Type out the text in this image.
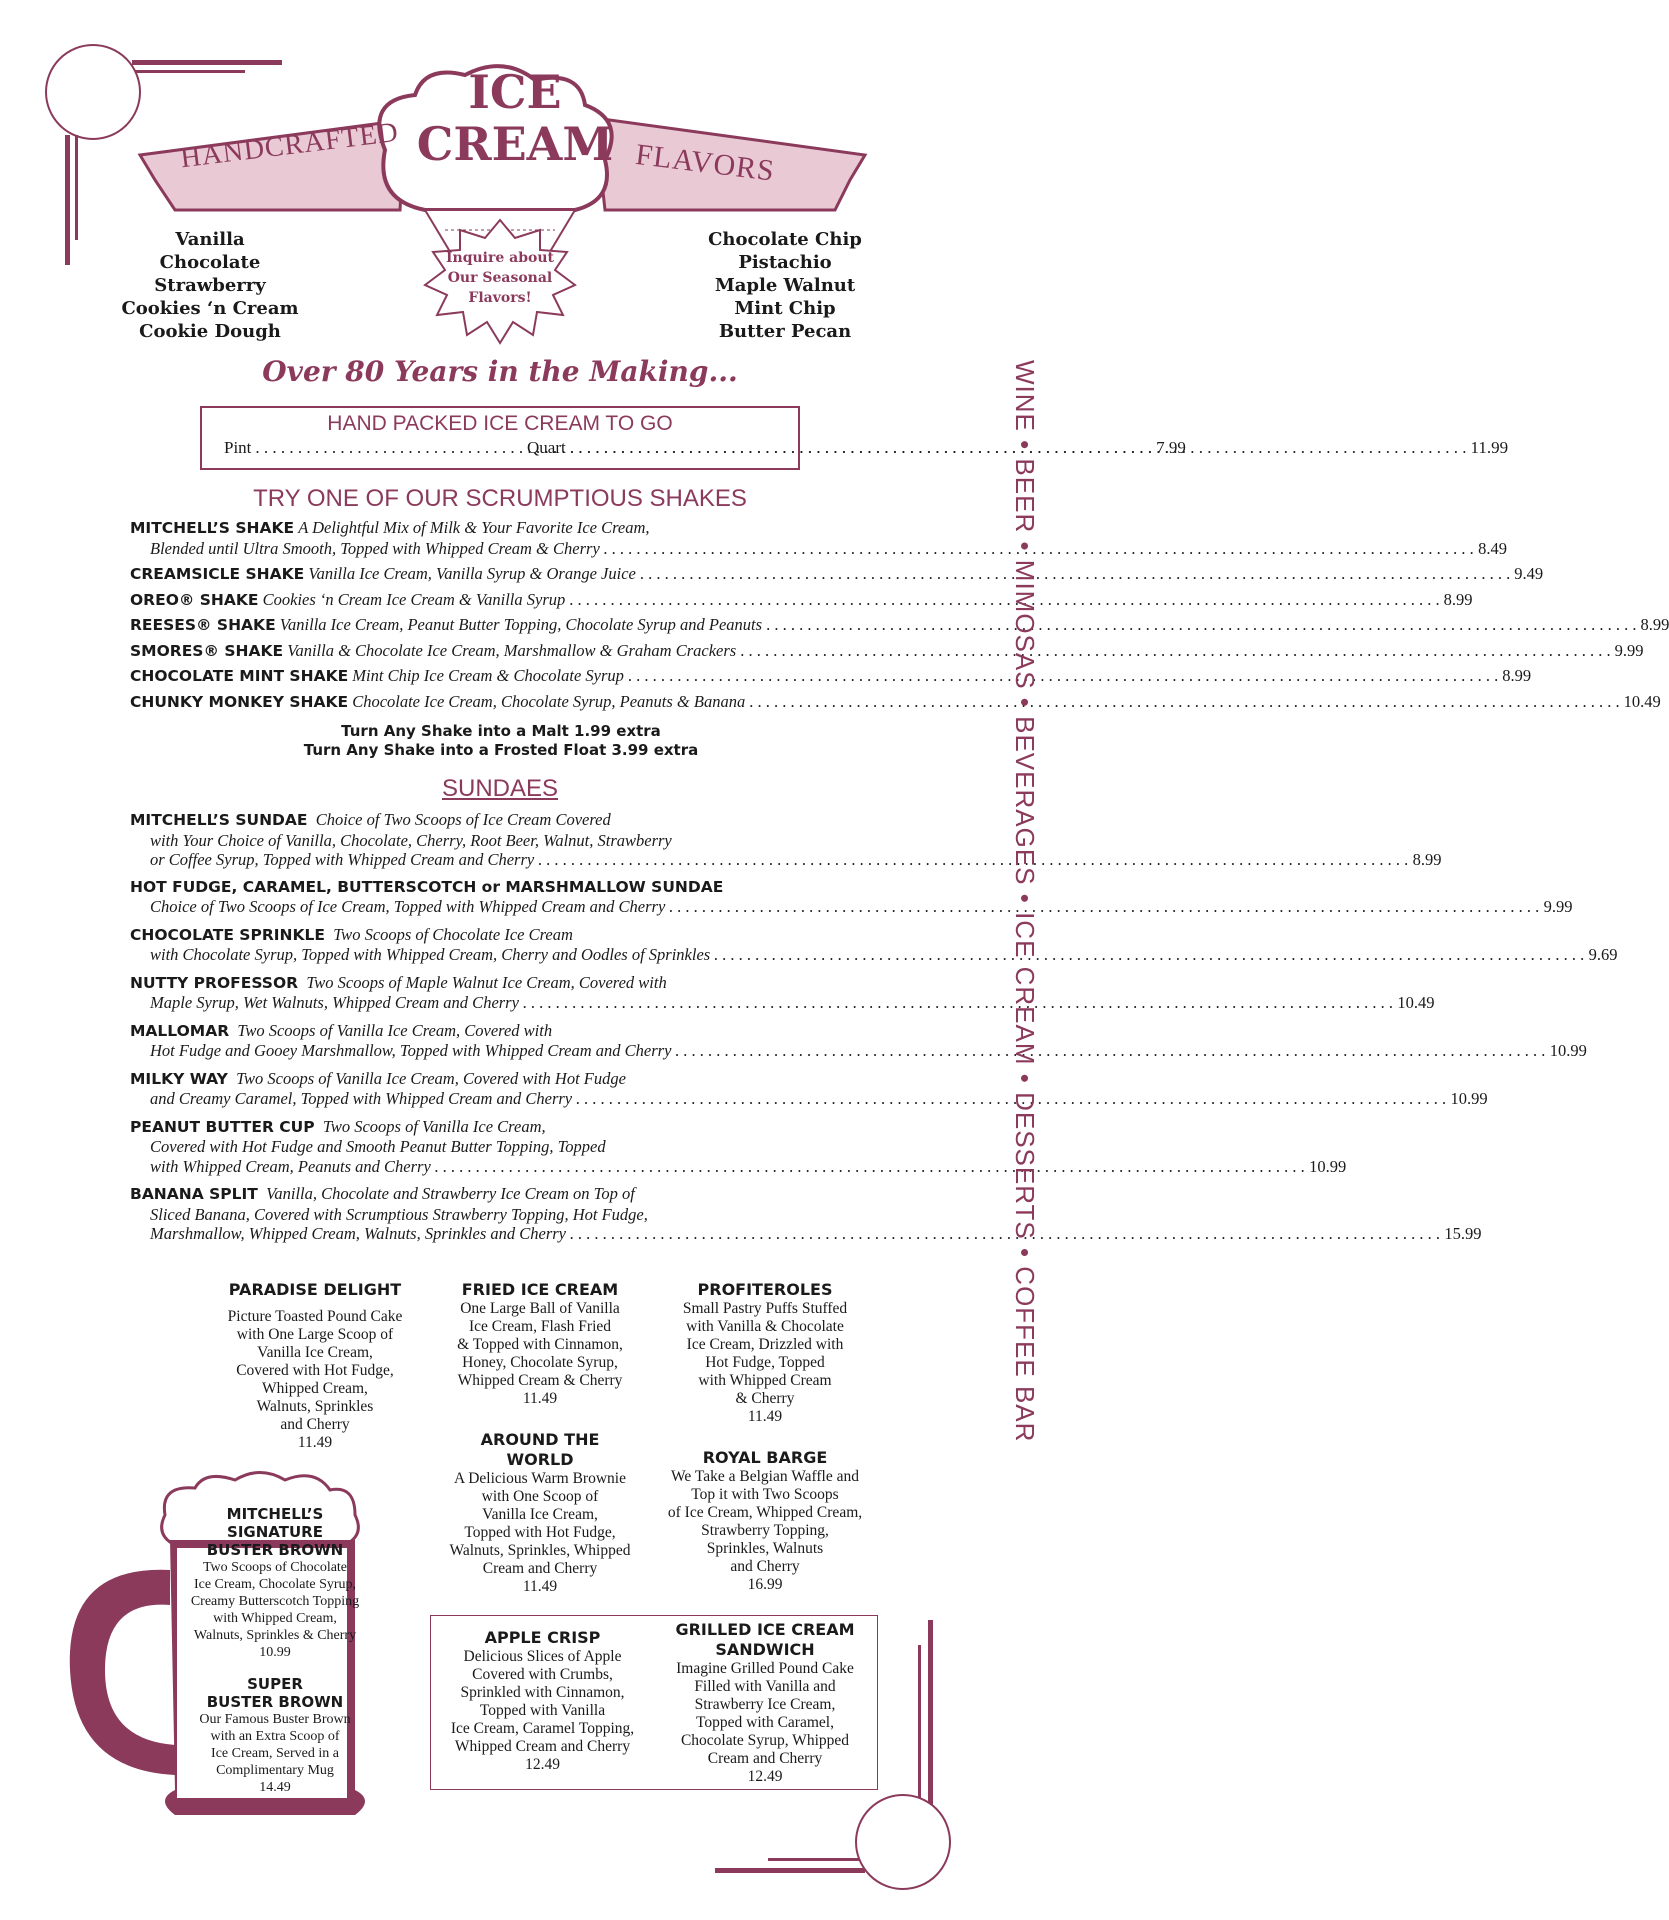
HANDCRAFTED
ICE
CREAM FLAVORS
Inquire about
Our Seasonal
Flavors!
Vanilla
Chocolate
Strawberry
Cookies ‘n Cream
Cookie Dough
Chocolate Chip
Pistachio
Maple Walnut
Mint Chip
Butter Pecan
Over 80 Years in the Making...
HAND PACKED ICE CREAM TO GO
Pint . . .	7.99
Quart . . .	11.99
TRY ONE OF OUR SCRUMPTIOUS SHAKES
MITCHELL’S SHAKE A Delightful Mix of Milk & Your Favorite Ice Cream,
Blended until Ultra Smooth, Topped with Whipped Cream & Cherry . . .	8.49
CREAMSICLE SHAKE Vanilla Ice Cream, Vanilla Syrup & Orange Juice . . .	9.49
OREO® SHAKE Cookies ‘n Cream Ice Cream & Vanilla Syrup . . .	8.99
REESES® SHAKE Vanilla Ice Cream, Peanut Butter Topping, Chocolate Syrup and Peanuts . . .	8.99
SMORES® SHAKE Vanilla & Chocolate Ice Cream, Marshmallow & Graham Crackers . . .	9.99
CHOCOLATE MINT SHAKE Mint Chip Ice Cream & Chocolate Syrup . . .	8.99
CHUNKY MONKEY SHAKE Chocolate Ice Cream, Chocolate Syrup, Peanuts & Banana . . .	10.49
Turn Any Shake into a Malt 1.99 extra
Turn Any Shake into a Frosted Float 3.99 extra
SUNDAES
MITCHELL’S SUNDAE Choice of Two Scoops of Ice Cream Covered
with Your Choice of Vanilla, Chocolate, Cherry, Root Beer, Walnut, Strawberry
or Coffee Syrup, Topped with Whipped Cream and Cherry . . .	8.99
HOT FUDGE, CARAMEL, BUTTERSCOTCH or MARSHMALLOW SUNDAE
Choice of Two Scoops of Ice Cream, Topped with Whipped Cream and Cherry . . .	9.99
CHOCOLATE SPRINKLE Two Scoops of Chocolate Ice Cream
with Chocolate Syrup, Topped with Whipped Cream, Cherry and Oodles of Sprinkles . . .	9.69
NUTTY PROFESSOR Two Scoops of Maple Walnut Ice Cream, Covered with
Maple Syrup, Wet Walnuts, Whipped Cream and Cherry . . .	10.49
MALLOMAR Two Scoops of Vanilla Ice Cream, Covered with
Hot Fudge and Gooey Marshmallow, Topped with Whipped Cream and Cherry . . .	10.99
MILKY WAY Two Scoops of Vanilla Ice Cream, Covered with Hot Fudge
and Creamy Caramel, Topped with Whipped Cream and Cherry . . .	10.99
PEANUT BUTTER CUP Two Scoops of Vanilla Ice Cream,
Covered with Hot Fudge and Smooth Peanut Butter Topping, Topped
with Whipped Cream, Peanuts and Cherry . . .	10.99
BANANA SPLIT Vanilla, Chocolate and Strawberry Ice Cream on Top of
Sliced Banana, Covered with Scrumptious Strawberry Topping, Hot Fudge,
Marshmallow, Whipped Cream, Walnuts, Sprinkles and Cherry . . .	15.99
PARADISE DELIGHT
Picture Toasted Pound Cake
with One Large Scoop of
Vanilla Ice Cream,
Covered with Hot Fudge,
Whipped Cream,
Walnuts, Sprinkles
and Cherry
11.49
FRIED ICE CREAM
One Large Ball of Vanilla
Ice Cream, Flash Fried
& Topped with Cinnamon,
Honey, Chocolate Syrup,
Whipped Cream & Cherry
11.49
PROFITEROLES
Small Pastry Puffs Stuffed
with Vanilla & Chocolate
Ice Cream, Drizzled with
Hot Fudge, Topped
with Whipped Cream
& Cherry
11.49
AROUND THE
WORLD
A Delicious Warm Brownie
with One Scoop of
Vanilla Ice Cream,
Topped with Hot Fudge,
Walnuts, Sprinkles, Whipped
Cream and Cherry
11.49
ROYAL BARGE
We Take a Belgian Waffle and
Top it with Two Scoops
of Ice Cream, Whipped Cream,
Strawberry Topping,
Sprinkles, Walnuts
and Cherry
16.99
MITCHELL’S
SIGNATURE
BUSTER BROWN
Two Scoops of Chocolate
Ice Cream, Chocolate Syrup,
Creamy Butterscotch Topping
with Whipped Cream,
Walnuts, Sprinkles & Cherry
10.99
SUPER
BUSTER BROWN
Our Famous Buster Brown
with an Extra Scoop of
Ice Cream, Served in a
Complimentary Mug
14.49
APPLE CRISP
Delicious Slices of Apple
Covered with Crumbs,
Sprinkled with Cinnamon,
Topped with Vanilla
Ice Cream, Caramel Topping,
Whipped Cream and Cherry
12.49
GRILLED ICE CREAM
SANDWICH
Imagine Grilled Pound Cake
Filled with Vanilla and
Strawberry Ice Cream,
Topped with Caramel,
Chocolate Syrup, Whipped
Cream and Cherry
12.49
WINE • BEER • MIMOSAS • BEVERAGES • ICE CREAM • DESSERTS • COFFEE BAR
